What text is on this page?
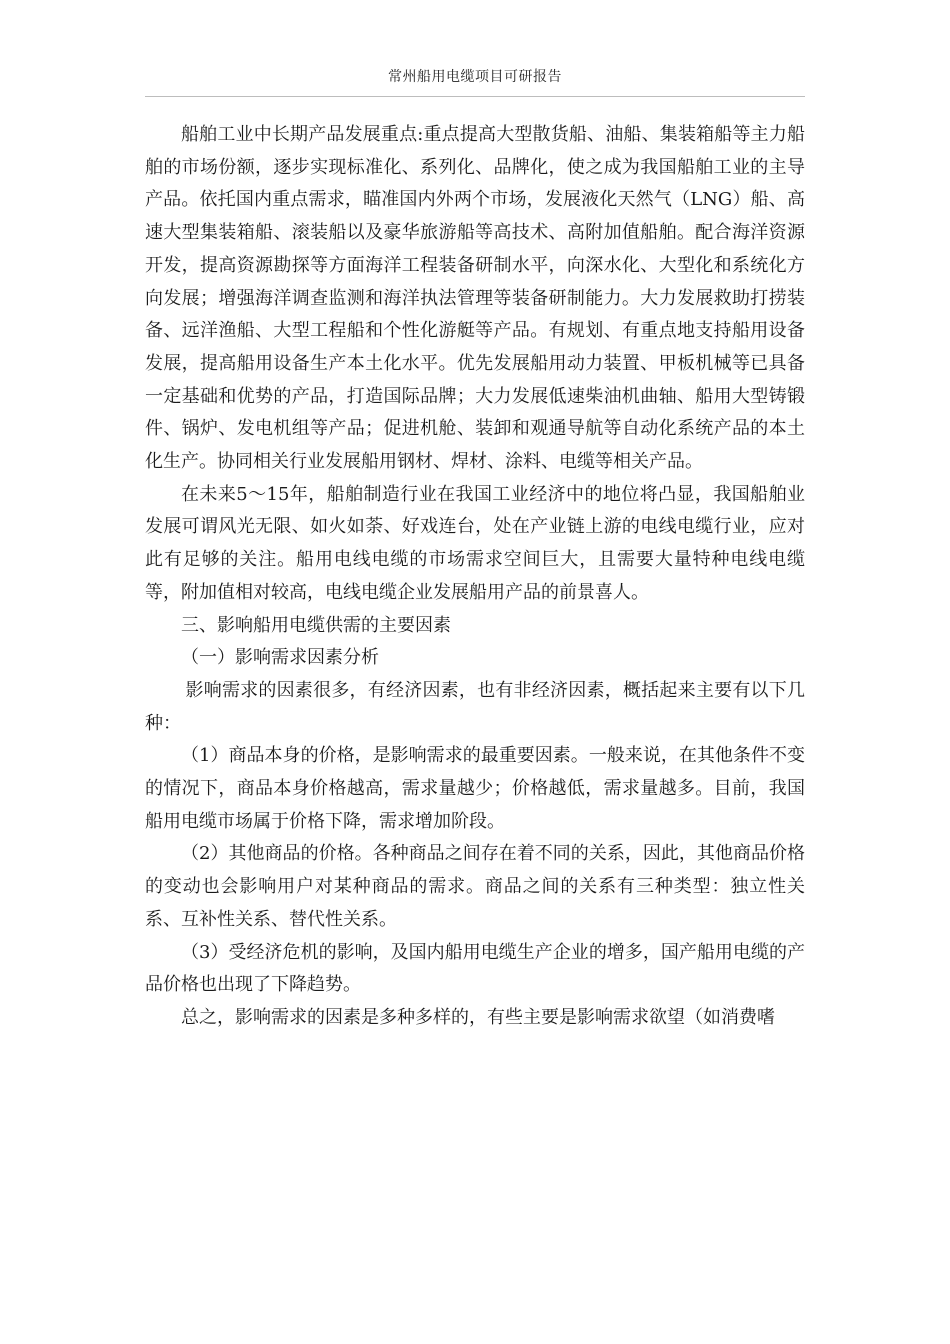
常州船用电缆项目可研报告

船舶工业中长期产品发展重点:重点提高大型散货船、油船、集装箱船等主力船舶的市场份额，逐步实现标准化、系列化、品牌化，使之成为我国船舶工业的主导产品。依托国内重点需求，瞄准国内外两个市场，发展液化天然气（LNG）船、高速大型集装箱船、滚装船以及豪华旅游船等高技术、高附加值船舶。配合海洋资源开发，提高资源勘探等方面海洋工程装备研制水平，向深水化、大型化和系统化方向发展；增强海洋调查监测和海洋执法管理等装备研制能力。大力发展救助打捞装备、远洋渔船、大型工程船和个性化游艇等产品。有规划、有重点地支持船用设备发展，提高船用设备生产本土化水平。优先发展船用动力装置、甲板机械等已具备一定基础和优势的产品，打造国际品牌；大力发展低速柴油机曲轴、船用大型铸锻件、锅炉、发电机组等产品；促进机舱、装卸和观通导航等自动化系统产品的本土化生产。协同相关行业发展船用钢材、焊材、涂料、电缆等相关产品。

在未来5～15年，船舶制造行业在我国工业经济中的地位将凸显，我国船舶业发展可谓风光无限、如火如荼、好戏连台，处在产业链上游的电线电缆行业，应对此有足够的关注。船用电线电缆的市场需求空间巨大，且需要大量特种电线电缆等，附加值相对较高，电线电缆企业发展船用产品的前景喜人。

三、影响船用电缆供需的主要因素

（一）影响需求因素分析

影响需求的因素很多，有经济因素，也有非经济因素，概括起来主要有以下几种：

（1）商品本身的价格，是影响需求的最重要因素。一般来说，在其他条件不变的情况下，商品本身价格越高，需求量越少；价格越低，需求量越多。目前，我国船用电缆市场属于价格下降，需求增加阶段。

（2）其他商品的价格。各种商品之间存在着不同的关系，因此，其他商品价格的变动也会影响用户对某种商品的需求。商品之间的关系有三种类型：独立性关系、互补性关系、替代性关系。

（3）受经济危机的影响，及国内船用电缆生产企业的增多，国产船用电缆的产品价格也出现了下降趋势。

总之，影响需求的因素是多种多样的，有些主要是影响需求欲望（如消费嗜
